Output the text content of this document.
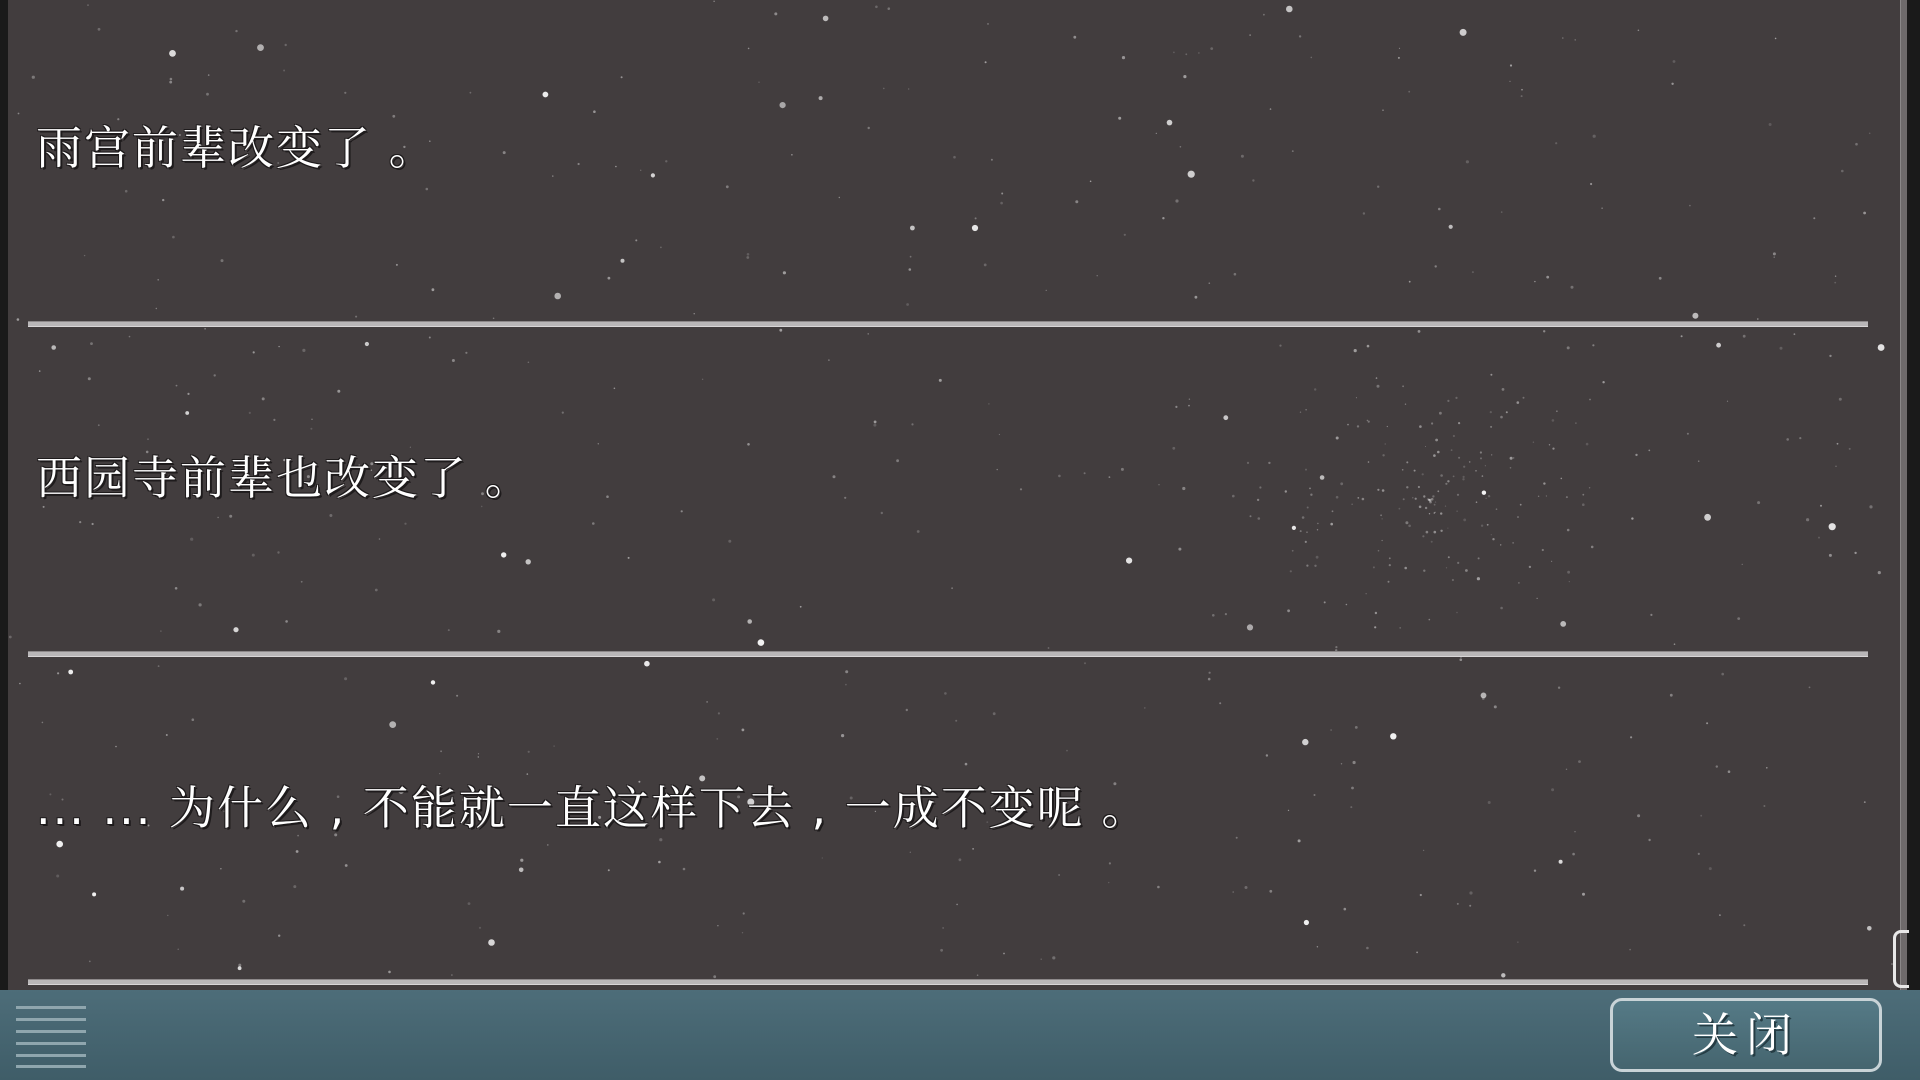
雨宫前辈改变了 。
西园寺前辈也改变了 。
... ... 为什么 , 不能就一直这样下去 , 一成不变呢 。
关闭
